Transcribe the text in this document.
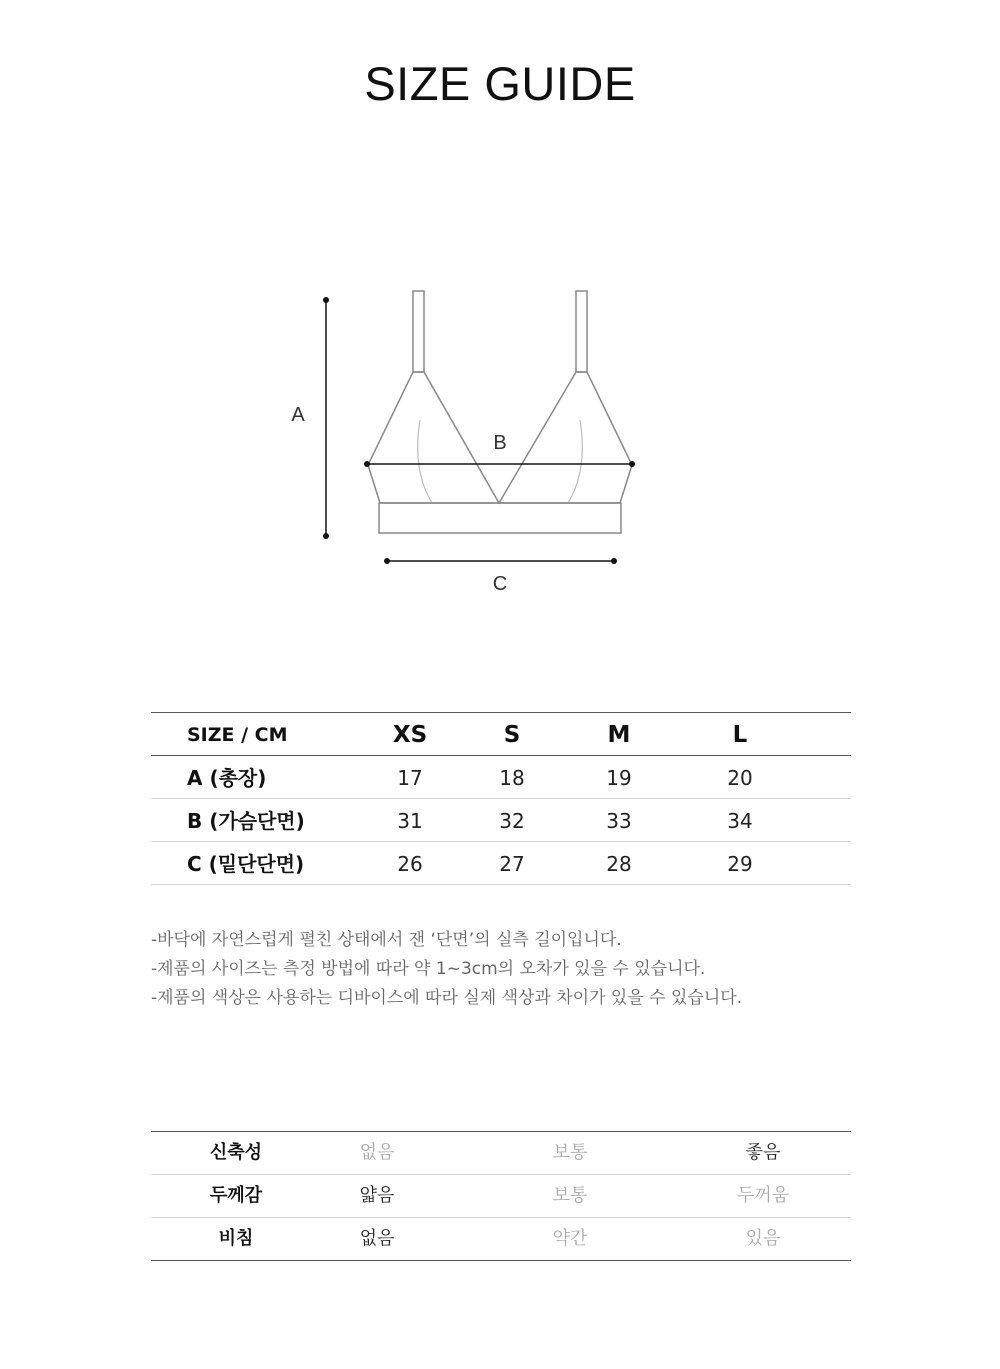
SIZE GUIDE
A
B
C
SIZE / CM	XS	S	M	L
A (총장)	17	18	19	20
B (가슴단면)	31	32	33	34
C (밑단단면)	26	27	28	29
-바닥에 자연스럽게 펼친 상태에서 잰 ‘단면’의 실측 길이입니다.
-제품의 사이즈는 측정 방법에 따라 약 1~3cm의 오차가 있을 수 있습니다.
-제품의 색상은 사용하는 디바이스에 따라 실제 색상과 차이가 있을 수 있습니다.
신축성	없음	보통	좋음
두께감	얇음	보통	두꺼움
비침	없음	약간	있음
